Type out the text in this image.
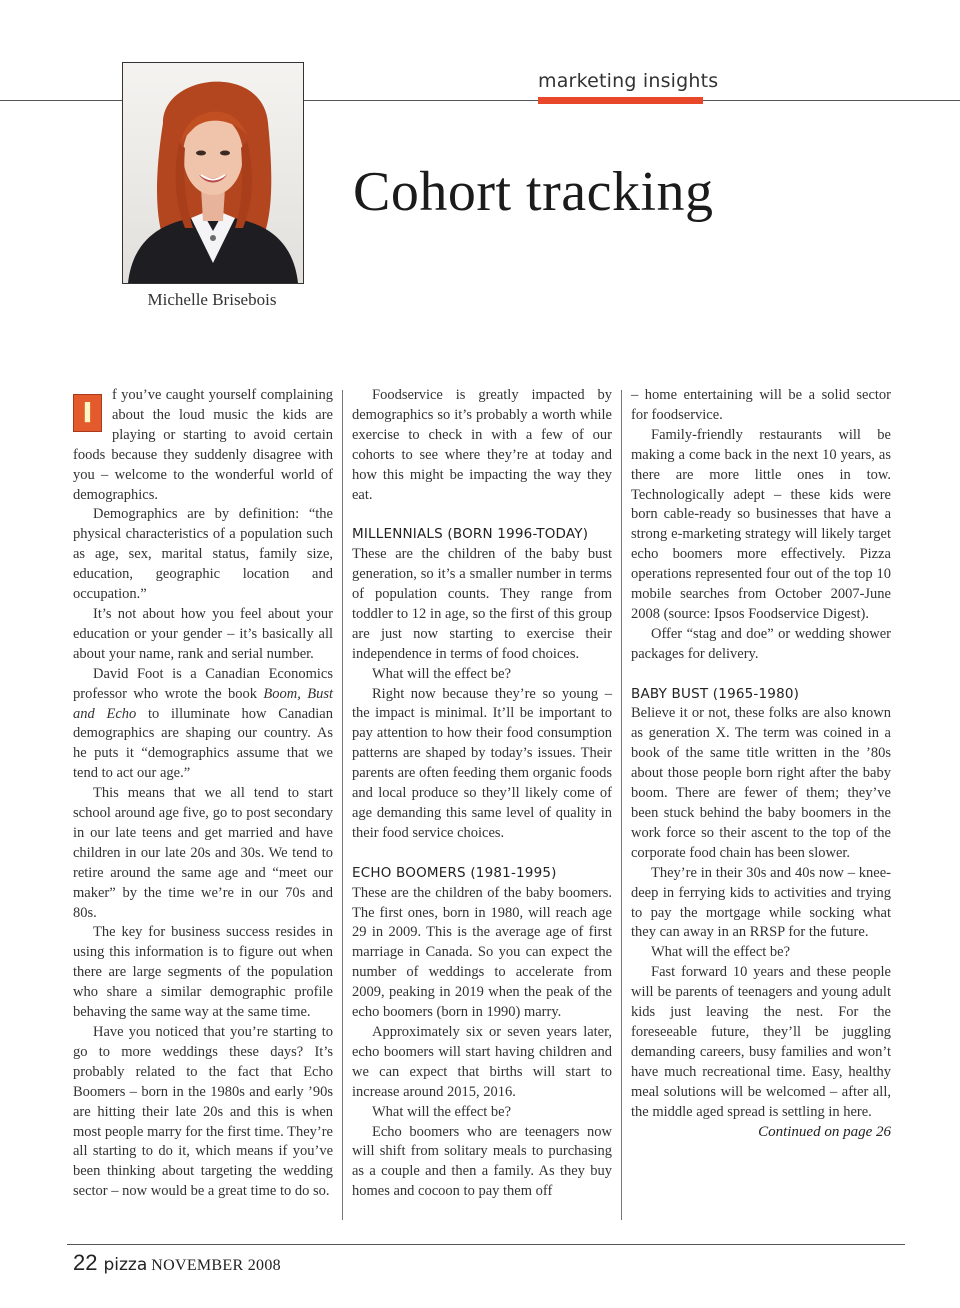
marketing insights
Michelle Brisebois
Cohort tracking
I

f you’ve caught yourself complaining about the loud music the kids are playing or starting to avoid certain foods because they suddenly disagree with you – welcome to the wonderful world of demographics.

Demographics are by definition: “the physical characteristics of a population such as age, sex, marital status, family size, education, geographic location and occupation.”

It’s not about how you feel about your education or your gender – it’s basically all about your name, rank and serial number.

David Foot is a Canadian Economics professor who wrote the book Boom, Bust and Echo to illuminate how Canadian demographics are shaping our country. As he puts it “demographics assume that we tend to act our age.”

This means that we all tend to start school around age five, go to post secondary in our late teens and get married and have children in our late 20s and 30s. We tend to retire around the same age and “meet our maker” by the time we’re in our 70s and 80s.

The key for business success resides in using this information is to figure out when there are large segments of the population who share a similar demographic profile behaving the same way at the same time.

Have you noticed that you’re starting to go to more weddings these days? It’s probably related to the fact that Echo Boomers – born in the 1980s and early ’90s are hitting their late 20s and this is when most people marry for the first time. They’re all starting to do it, which means if you’ve been thinking about targeting the wedding sector – now would be a great time to do so.

Foodservice is greatly impacted by demographics so it’s probably a worth while exercise to check in with a few of our cohorts to see where they’re at today and how this might be impacting the way they eat.

MILLENNIALS (BORN 1996-TODAY)

These are the children of the baby bust generation, so it’s a smaller number in terms of population counts. They range from toddler to 12 in age, so the first of this group are just now starting to exercise their independence in terms of food choices.

What will the effect be?

Right now because they’re so young – the impact is minimal. It’ll be important to pay attention to how their food consumption patterns are shaped by today’s issues. Their parents are often feeding them organic foods and local produce so they’ll likely come of age demanding this same level of quality in their food service choices.

ECHO BOOMERS (1981-1995)

These are the children of the baby boomers. The first ones, born in 1980, will reach age 29 in 2009. This is the average age of first marriage in Canada. So you can expect the number of weddings to accelerate from 2009, peaking in 2019 when the peak of the echo boomers (born in 1990) marry.

Approximately six or seven years later, echo boomers will start having children and we can expect that births will start to increase around 2015, 2016.

What will the effect be?

Echo boomers who are teenagers now will shift from solitary meals to purchasing as a couple and then a family. As they buy homes and cocoon to pay them off

– home entertaining will be a solid sector for foodservice.

Family-friendly restaurants will be making a come back in the next 10 years, as there are more little ones in tow. Technologically adept – these kids were born cable-ready so businesses that have a strong e-marketing strategy will likely target echo boomers more effectively. Pizza operations represented four out of the top 10 mobile searches from October 2007-June 2008 (source: Ipsos Foodservice Digest).

Offer “stag and doe” or wedding shower packages for delivery.

BABY BUST (1965-1980)

Believe it or not, these folks are also known as generation X. The term was coined in a book of the same title written in the ’80s about those people born right after the baby boom. There are fewer of them; they’ve been stuck behind the baby boomers in the work force so their ascent to the top of the corporate food chain has been slower.

They’re in their 30s and 40s now – knee-deep in ferrying kids to activities and trying to pay the mortgage while socking what they can away in an RRSP for the future.

What will the effect be?

Fast forward 10 years and these people will be parents of teenagers and young adult kids just leaving the nest. For the foreseeable future, they’ll be juggling demanding careers, busy families and won’t have much recreational time. Easy, healthy meal solutions will be welcomed – after all, the middle aged spread is settling in here.

Continued on page 26
22 pizza NOVEMBER 2008
